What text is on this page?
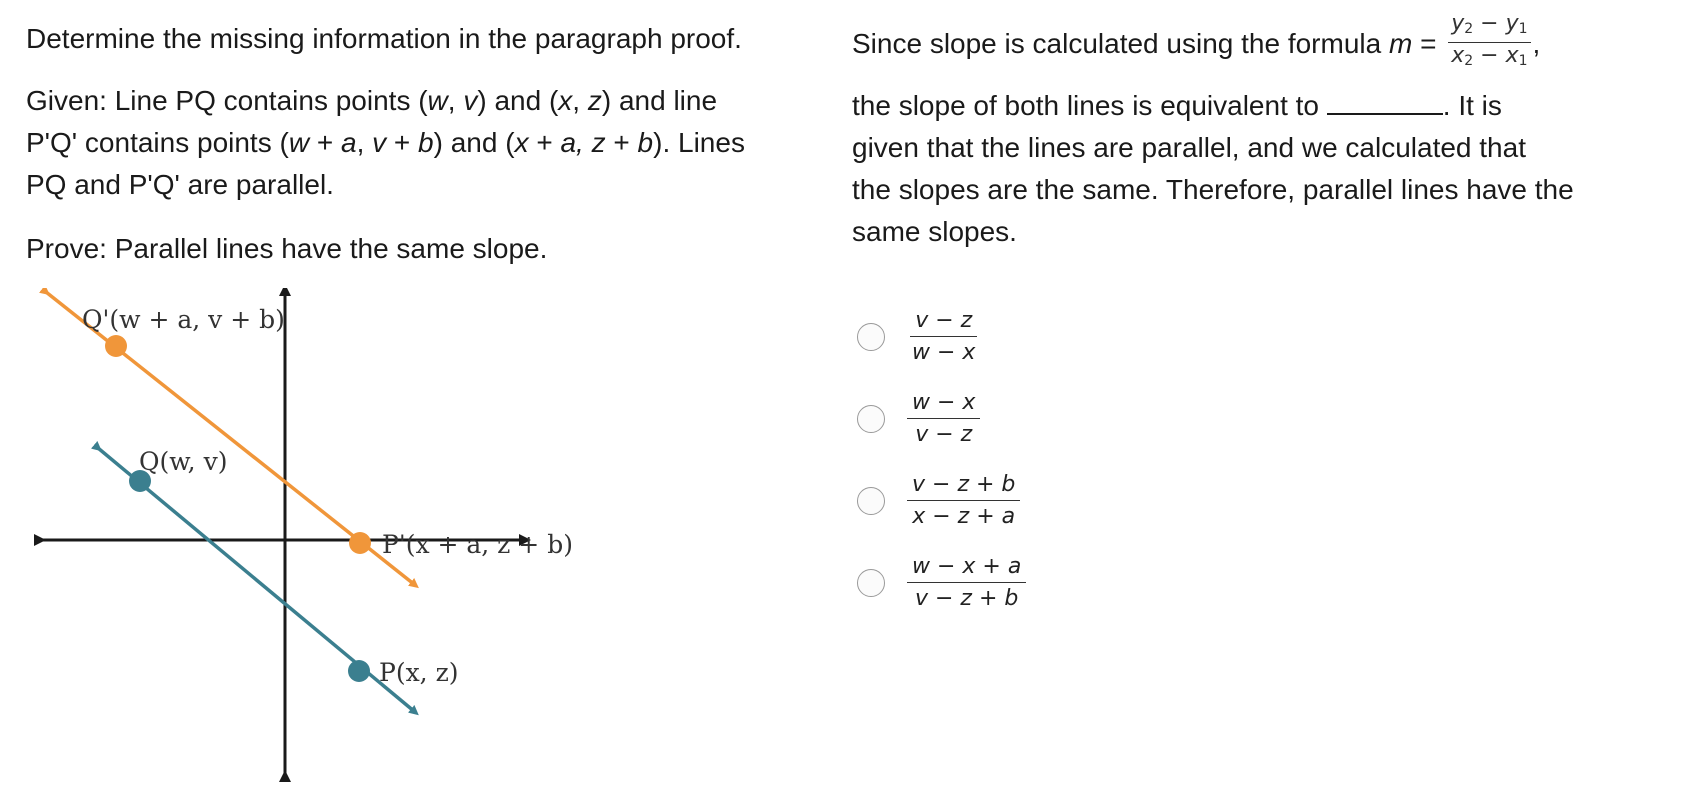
Determine the missing information in the paragraph proof.

Given: Line PQ contains points (w, v) and (x, z) and line
P'Q' contains points (w + a, v + b) and (x + a, z + b). Lines
PQ and P'Q' are parallel.

Prove: Parallel lines have the same slope.

Q'(w + a, v + b)
Q(w, v)
P'(x + a, z + b)
P(x, z)

Since slope is calculated using the formula $m = \frac{y_2 - y_1}{x_2 - x_1}$ ,

the slope of both lines is equivalent to	. It is
given that the lines are parallel, and we calculated that
the slopes are the same. Therefore, parallel lines have the
same slopes.

$\frac{v - z}{w - x}$
$\frac{w - x}{v - z}$
$\frac{v - z + b}{x - z + a}$
$\frac{w - x + a}{v - z + b}$
